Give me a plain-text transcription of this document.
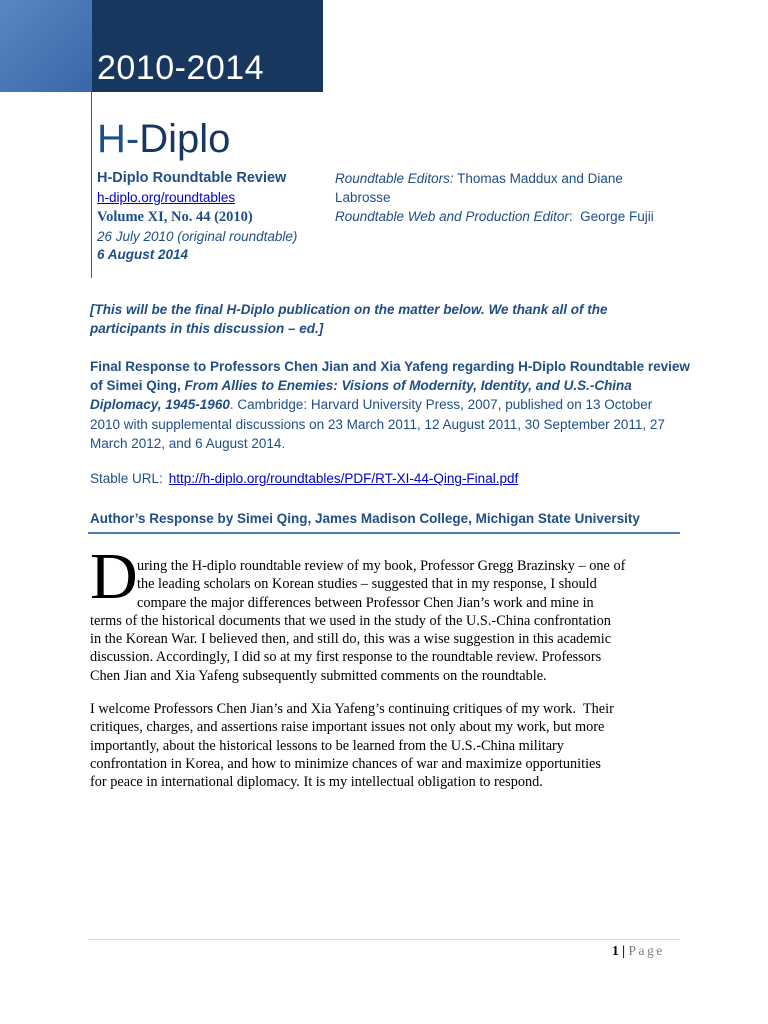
2010-2014
H-Diplo
H-Diplo Roundtable Review
h-diplo.org/roundtables
Volume XI, No. 44 (2010)
26 July 2010 (original roundtable)
6 August 2014
Roundtable Editors: Thomas Maddux and Diane
Labrosse
Roundtable Web and Production Editor:  George Fujii
[This will be the final H-Diplo publication on the matter below. We thank all of the
participants in this discussion – ed.]
Final Response to Professors Chen Jian and Xia Yafeng regarding H-Diplo Roundtable review
of Simei Qing, From Allies to Enemies: Visions of Modernity, Identity, and U.S.-China
Diplomacy, 1945-1960. Cambridge: Harvard University Press, 2007, published on 13 October
2010 with supplemental discussions on 23 March 2011, 12 August 2011, 30 September 2011, 27
March 2012, and 6 August 2014.
Stable URL: http://h-diplo.org/roundtables/PDF/RT-XI-44-Qing-Final.pdf
Author’s Response by Simei Qing, James Madison College, Michigan State University
D uring the H-diplo roundtable review of my book, Professor Gregg Brazinsky – one of
the leading scholars on Korean studies – suggested that in my response, I should
compare the major differences between Professor Chen Jian’s work and mine in
terms of the historical documents that we used in the study of the U.S.-China confrontation
in the Korean War. I believed then, and still do, this was a wise suggestion in this academic
discussion. Accordingly, I did so at my first response to the roundtable review. Professors
Chen Jian and Xia Yafeng subsequently submitted comments on the roundtable.
I welcome Professors Chen Jian’s and Xia Yafeng’s continuing critiques of my work.  Their
critiques, charges, and assertions raise important issues not only about my work, but more
importantly, about the historical lessons to be learned from the U.S.-China military
confrontation in Korea, and how to minimize chances of war and maximize opportunities
for peace in international diplomacy. It is my intellectual obligation to respond.
1 | Page
